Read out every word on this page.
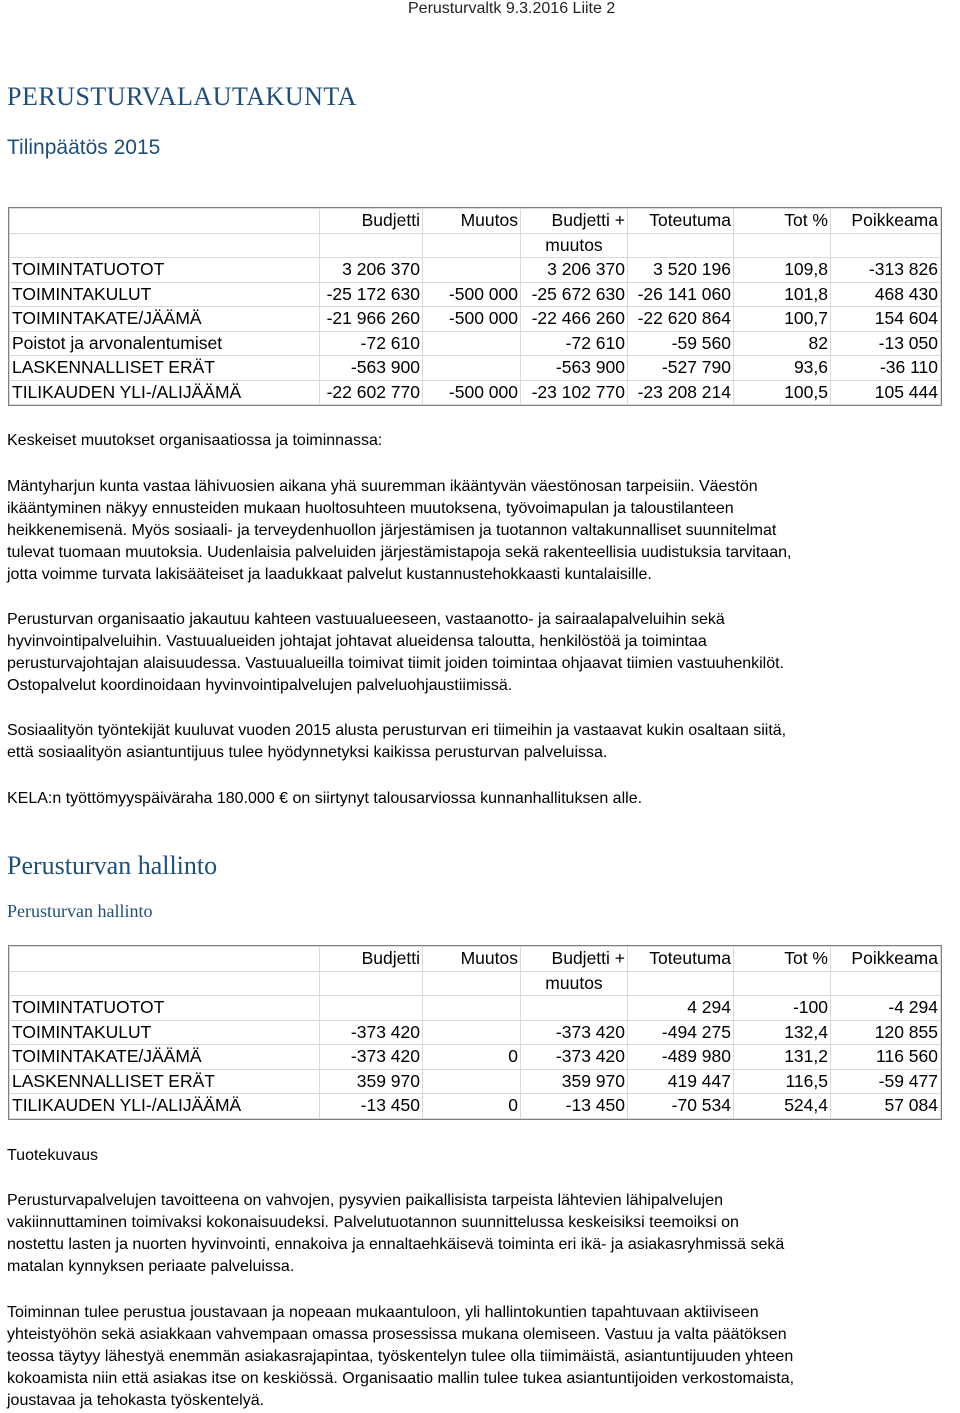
Perusturvaltk 9.3.2016 Liite 2
PERUSTURVALAUTAKUNTA
Tilinpäätös 2015
	Budjetti	Muutos	Budjetti +	Toteutuma	Tot %	Poikkeama
			muutos			
TOIMINTATUOTOT	3 206 370		3 206 370	3 520 196	109,8	-313 826
TOIMINTAKULUT	-25 172 630	-500 000	-25 672 630	-26 141 060	101,8	468 430
TOIMINTAKATE/JÄÄMÄ	-21 966 260	-500 000	-22 466 260	-22 620 864	100,7	154 604
Poistot ja arvonalentumiset	-72 610		-72 610	-59 560	82	-13 050
LASKENNALLISET ERÄT	-563 900		-563 900	-527 790	93,6	-36 110
TILIKAUDEN YLI-/ALIJÄÄMÄ	-22 602 770	-500 000	-23 102 770	-23 208 214	100,5	105 444
Keskeiset muutokset organisaatiossa ja toiminnassa:
Mäntyharjun kunta vastaa lähivuosien aikana yhä suuremman ikääntyvän väestönosan tarpeisiin. Väestön
ikääntyminen näkyy ennusteiden mukaan huoltosuhteen muutoksena, työvoimapulan ja taloustilanteen
heikkenemisenä. Myös sosiaali- ja terveydenhuollon järjestämisen ja tuotannon valtakunnalliset suunnitelmat
tulevat tuomaan muutoksia. Uudenlaisia palveluiden järjestämistapoja sekä rakenteellisia uudistuksia tarvitaan,
jotta voimme turvata lakisääteiset ja laadukkaat palvelut kustannustehokkaasti kuntalaisille.
Perusturvan organisaatio jakautuu kahteen vastuualueeseen, vastaanotto- ja sairaalapalveluihin sekä
hyvinvointipalveluihin. Vastuualueiden johtajat johtavat alueidensa taloutta, henkilöstöä ja toimintaa
perusturvajohtajan alaisuudessa. Vastuualueilla toimivat tiimit joiden toimintaa ohjaavat tiimien vastuuhenkilöt.
Ostopalvelut koordinoidaan hyvinvointipalvelujen palveluohjaustiimissä.
Sosiaalityön työntekijät kuuluvat vuoden 2015 alusta perusturvan eri tiimeihin ja vastaavat kukin osaltaan siitä,
että sosiaalityön asiantuntijuus tulee hyödynnetyksi kaikissa perusturvan palveluissa.
KELA:n työttömyyspäiväraha 180.000 € on siirtynyt talousarviossa kunnanhallituksen alle.
Perusturvan hallinto
Perusturvan hallinto
	Budjetti	Muutos	Budjetti +	Toteutuma	Tot %	Poikkeama
			muutos			
TOIMINTATUOTOT				4 294	-100	-4 294
TOIMINTAKULUT	-373 420		-373 420	-494 275	132,4	120 855
TOIMINTAKATE/JÄÄMÄ	-373 420	0	-373 420	-489 980	131,2	116 560
LASKENNALLISET ERÄT	359 970		359 970	419 447	116,5	-59 477
TILIKAUDEN YLI-/ALIJÄÄMÄ	-13 450	0	-13 450	-70 534	524,4	57 084
Tuotekuvaus
Perusturvapalvelujen tavoitteena on vahvojen, pysyvien paikallisista tarpeista lähtevien lähipalvelujen
vakiinnuttaminen toimivaksi kokonaisuudeksi. Palvelutuotannon suunnittelussa keskeisiksi teemoiksi on
nostettu lasten ja nuorten hyvinvointi, ennakoiva ja ennaltaehkäisevä toiminta eri ikä- ja asiakasryhmissä sekä
matalan kynnyksen periaate palveluissa.
Toiminnan tulee perustua joustavaan ja nopeaan mukaantuloon, yli hallintokuntien tapahtuvaan aktiiviseen
yhteistyöhön sekä asiakkaan vahvempaan omassa prosessissa mukana olemiseen. Vastuu ja valta päätöksen
teossa täytyy lähestyä enemmän asiakasrajapintaa, työskentelyn tulee olla tiimimäistä, asiantuntijuuden yhteen
kokoamista niin että asiakas itse on keskiössä. Organisaatio mallin tulee tukea asiantuntijoiden verkostomaista,
joustavaa ja tehokasta työskentelyä.
